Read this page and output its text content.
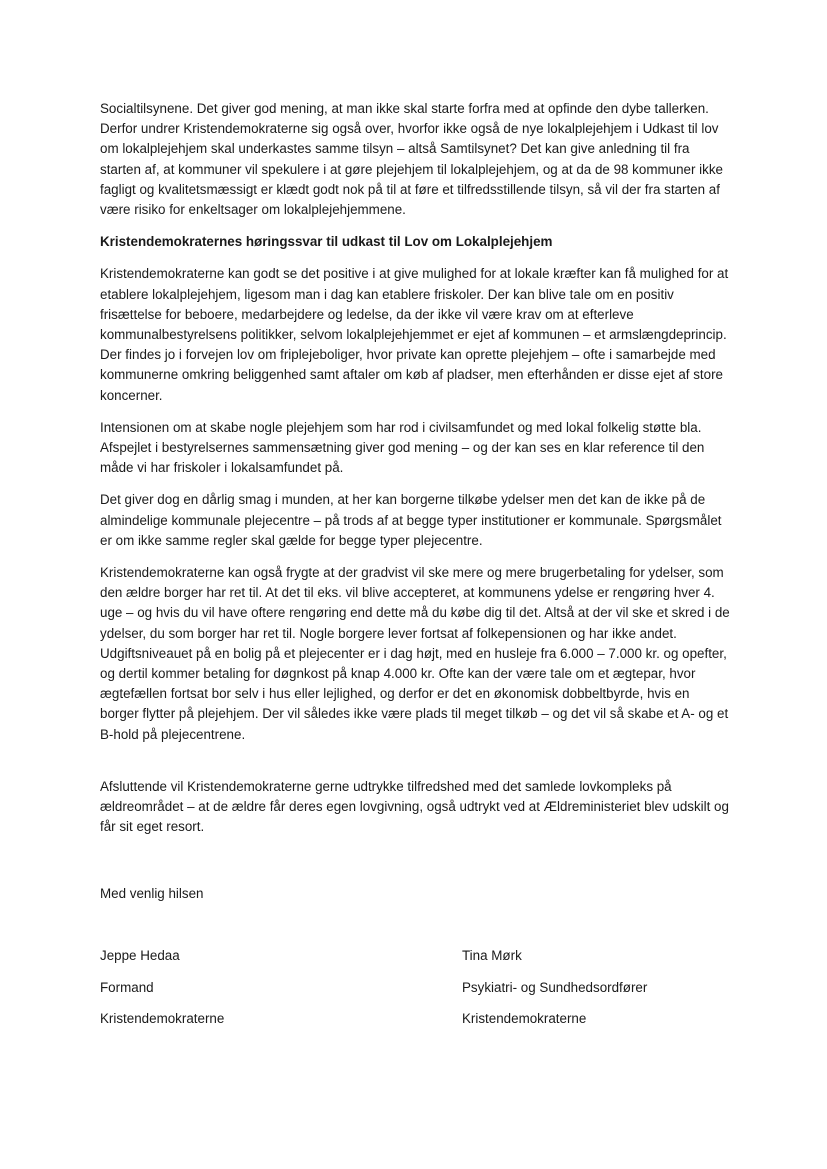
Socialtilsynene. Det giver god mening, at man ikke skal starte forfra med at opfinde den dybe tallerken. Derfor undrer Kristendemokraterne sig også over, hvorfor ikke også de nye lokalplejehjem i Udkast til lov om lokalplejehjem skal underkastes samme tilsyn – altså Samtilsynet? Det kan give anledning til fra starten af, at kommuner vil spekulere i at gøre plejehjem til lokalplejehjem, og at da de 98 kommuner ikke fagligt og kvalitetsmæssigt er klædt godt nok på til at føre et tilfredsstillende tilsyn, så vil der fra starten af være risiko for enkeltsager om lokalplejehjemmene.

Kristendemokraternes høringssvar til udkast til Lov om Lokalplejehjem

Kristendemokraterne kan godt se det positive i at give mulighed for at lokale kræfter kan få mulighed for at etablere lokalplejehjem, ligesom man i dag kan etablere friskoler. Der kan blive tale om en positiv frisættelse for beboere, medarbejdere og ledelse, da der ikke vil være krav om at efterleve kommunalbestyrelsens politikker, selvom lokalplejehjemmet er ejet af kommunen – et armslængdeprincip. Der findes jo i forvejen lov om friplejeboliger, hvor private kan oprette plejehjem – ofte i samarbejde med kommunerne omkring beliggenhed samt aftaler om køb af pladser, men efterhånden er disse ejet af store koncerner.

Intensionen om at skabe nogle plejehjem som har rod i civilsamfundet og med lokal folkelig støtte bla. Afspejlet i bestyrelsernes sammensætning giver god mening – og der kan ses en klar reference til den måde vi har friskoler i lokalsamfundet på.

Det giver dog en dårlig smag i munden, at her kan borgerne tilkøbe ydelser men det kan de ikke på de almindelige kommunale plejecentre – på trods af at begge typer institutioner er kommunale. Spørgsmålet er om ikke samme regler skal gælde for begge typer plejecentre.

Kristendemokraterne kan også frygte at der gradvist vil ske mere og mere brugerbetaling for ydelser, som den ældre borger har ret til. At det til eks. vil blive accepteret, at kommunens ydelse er rengøring hver 4. uge – og hvis du vil have oftere rengøring end dette må du købe dig til det. Altså at der vil ske et skred i de ydelser, du som borger har ret til. Nogle borgere lever fortsat af folkepensionen og har ikke andet. Udgiftsniveauet på en bolig på et plejecenter er i dag højt, med en husleje fra 6.000 – 7.000 kr. og opefter, og dertil kommer betaling for døgnkost på knap 4.000 kr. Ofte kan der være tale om et ægtepar, hvor ægtefællen fortsat bor selv i hus eller lejlighed, og derfor er det en økonomisk dobbeltbyrde, hvis en borger flytter på plejehjem. Der vil således ikke være plads til meget tilkøb – og det vil så skabe et A- og et B-hold på plejecentrene.

Afsluttende vil Kristendemokraterne gerne udtrykke tilfredshed med det samlede lovkompleks på ældreområdet – at de ældre får deres egen lovgivning, også udtrykt ved at Ældreministeriet blev udskilt og får sit eget resort.

Med venlig hilsen

Jeppe Hedaa
Formand
Kristendemokraterne
Tina Mørk
Psykiatri- og Sundhedsordfører
Kristendemokraterne
